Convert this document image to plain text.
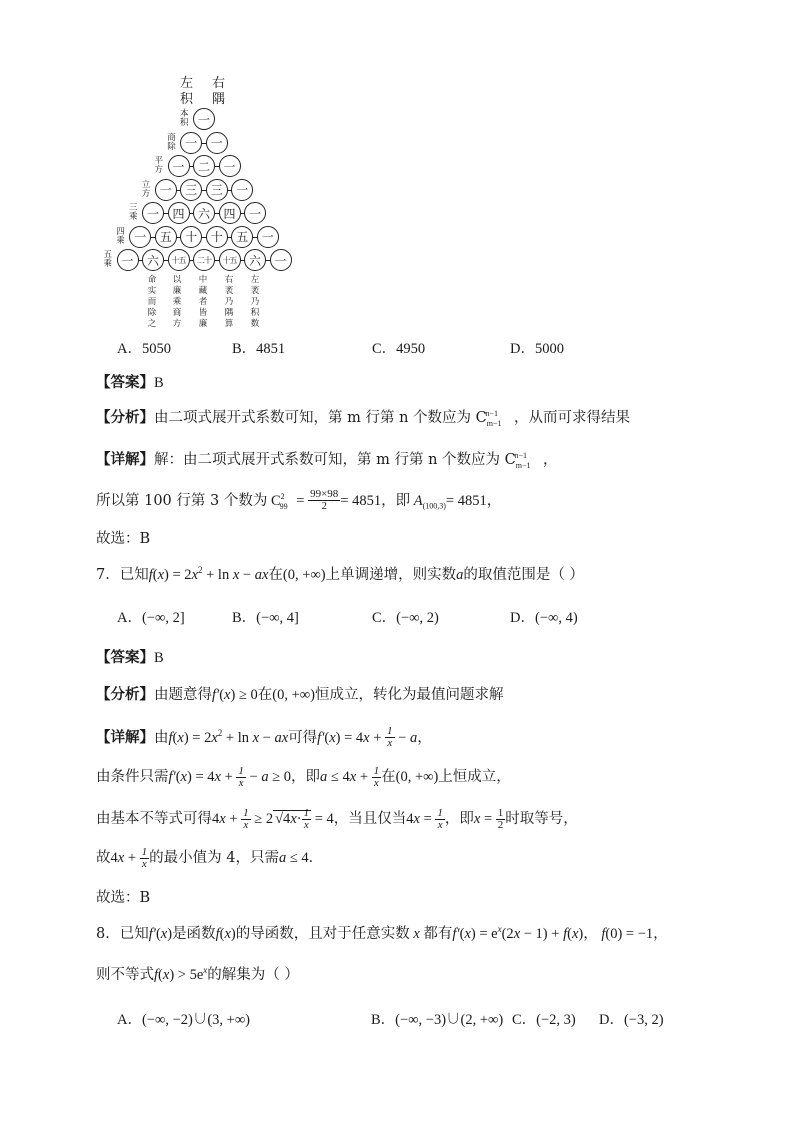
左
积
右
隅
一
本
积
一	一
商
除
一	二	一
平
方
一	三	三	一
立
方
一	四	六	四	一
三
乘
一	五	十	十	五	一
四
乘
一	六	十五	二十	十五	六	一
五
乘
命
实
而
除
之
以
廉
乘
商
方
中
藏
者
皆
廉
右
袤
乃
隅
算
左
袤
乃
积
数
A．5050	B．4851	C．4950	D．5000
【答案】B
【分析】由二项式展开式系数可知，第 m 行第 n 个数应为 $C_{m-1}^{n-1}$ ，从而可求得结果
【详解】解：由二项式展开式系数可知，第 m 行第 n 个数应为 $C_{m-1}^{n-1}$ ，
所以第 100 行第 3 个数为 $C^2_{99} = \frac{99\times 98}{2} = 4851$，即 $A_{(100,3)}= 4851$，
故选：B
7．已知$f(x) = 2x^2 + \ln x$ − ax在(0, +∞)上单调递增，则实数a的取值范围是（ ）
A．(−∞, 2]	B．(−∞, 4]	C．(−∞, 2)	D．(−∞, 4)
【答案】B
【分析】由题意得f′(x) ≥ 0在(0, +∞)恒成立，转化为最值问题求解
【详解】由$f(x) = 2x^2 + \ln x$ − ax可得$f'(x) = 4x + \frac{1}{x} - a$，
由条件只需$f'(x) = 4x + \frac{1}{x} - a \ge 0$，即$a \le 4x + \frac{1}{x}$ 在(0, +∞)上恒成立，
由基本不等式可得$4x + \frac{1}{x} \ge 2$ $√4x\cdot \frac{1}{x} = 4$，当且仅当$4x = \frac{1}{x}$ ，即$x = \frac{1}{2}$ 时取等号，
故$4x + \frac{1}{x}$ 的最小值为 4，只需a ≤ 4．
故选：B
8．已知f′(x)是函数f(x)的导函数，且对于任意实数 x 都有$f'(x) = e^x(2x - 1) + f(x)$， f(0) = −1，
则不等式$f(x) > 5e^x$的解集为（ ）
A．(−∞, −2)∪(3, +∞)	B．(−∞, −3)∪(2, +∞) C．(−2, 3) D．(−3, 2)
